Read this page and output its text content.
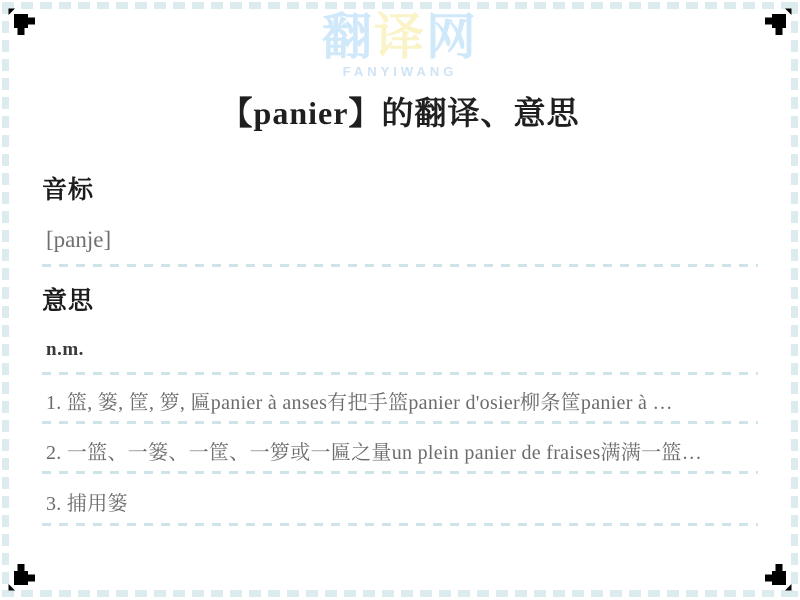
翻译网
FANYIWANG
【panier】的翻译、意思
音标
[panje]
意思
n.m.
1. 篮, 篓, 筐, 箩, 匾panier à anses有把手篮panier d'osier柳条筐panier à …
2. 一篮、一篓、一筐、一箩或一匾之量un plein panier de fraises满满一篮…
3. 捕用篓
